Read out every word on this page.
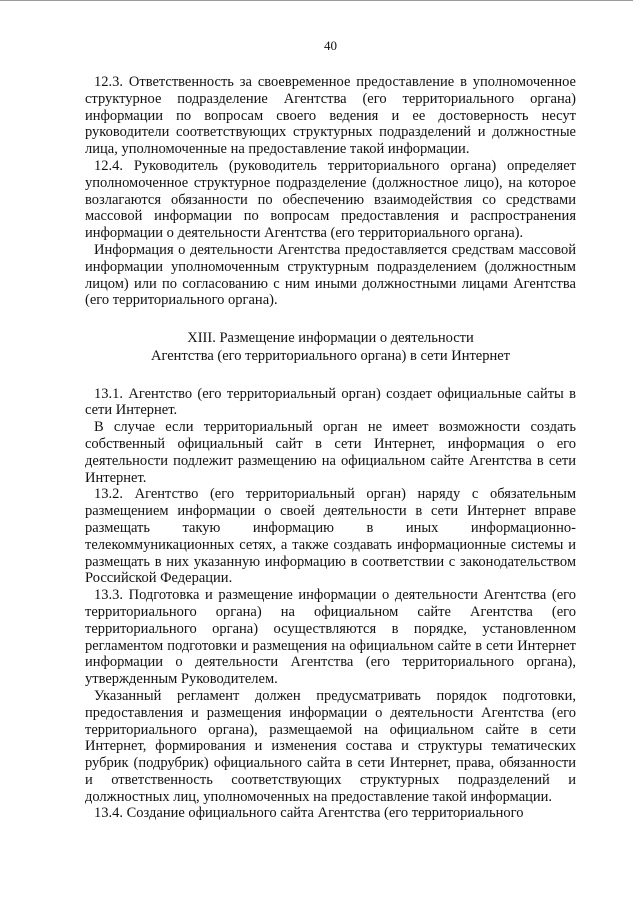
40

12.3. Ответственность за своевременное предоставление в уполномоченное структурное подразделение Агентства (его территориального органа) информации по вопросам своего ведения и ее достоверность несут руководители соответствующих структурных подразделений и должностные лица, уполномоченные на предоставление такой информации.

12.4. Руководитель (руководитель территориального органа) определяет уполномоченное структурное подразделение (должностное лицо), на которое возлагаются обязанности по обеспечению взаимодействия со средствами массовой информации по вопросам предоставления и распространения информации о деятельности Агентства (его территориального органа).

Информация о деятельности Агентства предоставляется средствам массовой информации уполномоченным структурным подразделением (должностным лицом) или по согласованию с ним иными должностными лицами Агентства (его территориального органа).

XIII. Размещение информации о деятельности
Агентства (его территориального органа) в сети Интернет

13.1. Агентство (его территориальный орган) создает официальные сайты в сети Интернет.

В случае если территориальный орган не имеет возможности создать собственный официальный сайт в сети Интернет, информация о его деятельности подлежит размещению на официальном сайте Агентства в сети Интернет.

13.2. Агентство (его территориальный орган) наряду с обязательным размещением информации о своей деятельности в сети Интернет вправе размещать такую информацию в иных информационно-телекоммуникационных сетях, а также создавать информационные системы и размещать в них указанную информацию в соответствии с законодательством Российской Федерации.

13.3. Подготовка и размещение информации о деятельности Агентства (его территориального органа) на официальном сайте Агентства (его территориального органа) осуществляются в порядке, установленном регламентом подготовки и размещения на официальном сайте в сети Интернет информации о деятельности Агентства (его территориального органа), утвержденным Руководителем.

Указанный регламент должен предусматривать порядок подготовки, предоставления и размещения информации о деятельности Агентства (его территориального органа), размещаемой на официальном сайте в сети Интернет, формирования и изменения состава и структуры тематических рубрик (подрубрик) официального сайта в сети Интернет, права, обязанности и ответственность соответствующих структурных подразделений и должностных лиц, уполномоченных на предоставление такой информации.

13.4. Создание официального сайта Агентства (его территориального
